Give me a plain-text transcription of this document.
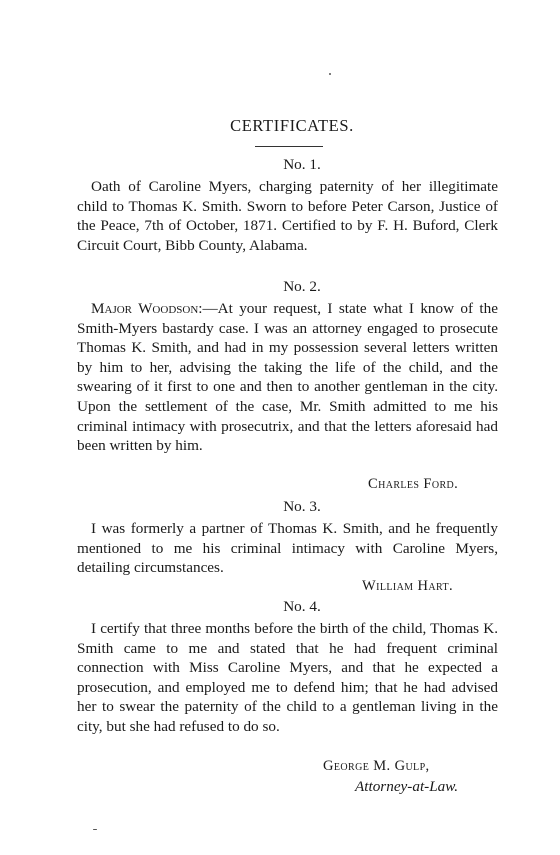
CERTIFICATES.
No. 1.

Oath of Caroline Myers, charging paternity of her illegitimate child to Thomas K. Smith. Sworn to before Peter Carson, Justice of the Peace, 7th of October, 1871. Certified to by F. H. Buford, Clerk Circuit Court, Bibb County, Alabama.

No. 2.

Major Woodson:—At your request, I state what I know of the Smith-Myers bastardy case. I was an attorney engaged to prosecute Thomas K. Smith, and had in my possession several letters written by him to her, advising the taking the life of the child, and the swearing of it first to one and then to another gentleman in the city. Upon the settlement of the case, Mr. Smith admitted to me his criminal intimacy with prosecutrix, and that the letters aforesaid had been written by him.

Charles Ford.
No. 3.

I was formerly a partner of Thomas K. Smith, and he frequently mentioned to me his criminal intimacy with Caroline Myers, detailing circumstances.

William Hart.
No. 4.

I certify that three months before the birth of the child, Thomas K. Smith came to me and stated that he had frequent criminal connection with Miss Caroline Myers, and that he expected a prosecution, and employed me to defend him; that he had advised her to swear the paternity of the child to a gentleman living in the city, but she had refused to do so.

George M. Gulp,
Attorney-at-Law.
